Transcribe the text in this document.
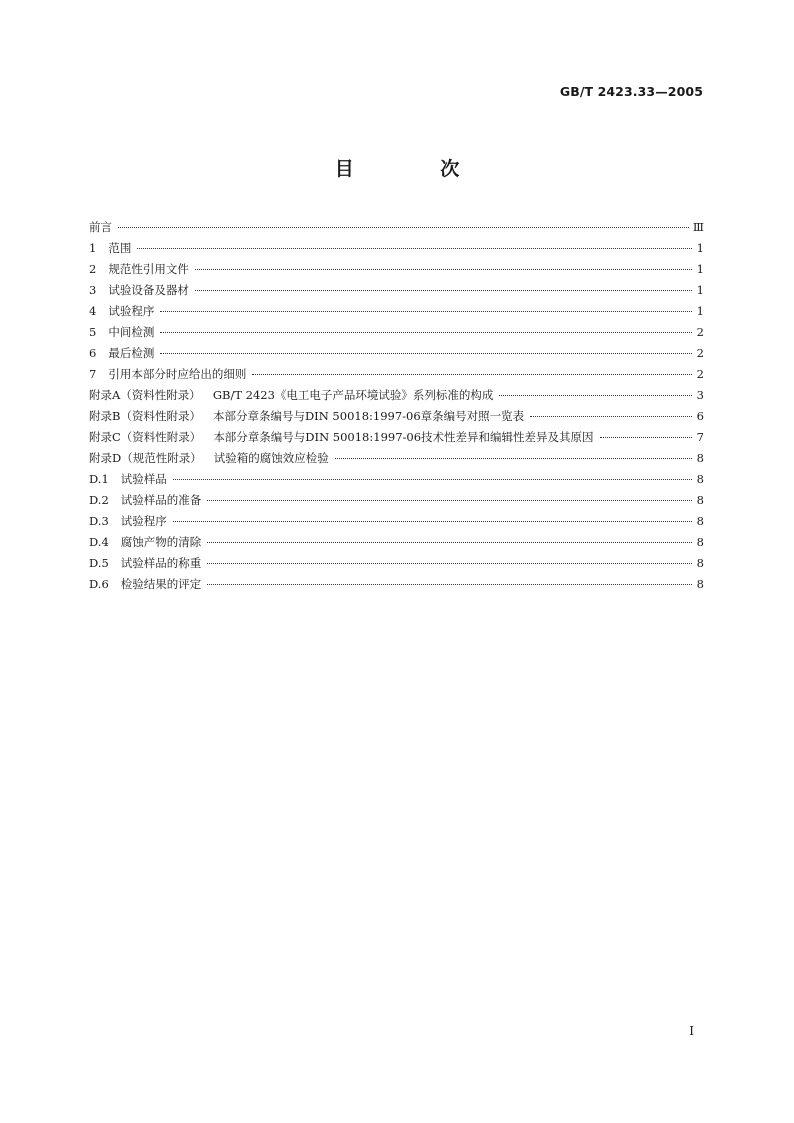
GB/T 2423.33—2005
目 次
前言	Ⅲ
1 范围	1
2 规范性引用文件	1
3 试验设备及器材	1
4 试验程序	1
5 中间检测	2
6 最后检测	2
7 引用本部分时应给出的细则	2
附录A（资料性附录） GB/T 2423《电工电子产品环境试验》系列标准的构成	3
附录B（资料性附录） 本部分章条编号与DIN 50018:1997-06章条编号对照一览表	6
附录C（资料性附录） 本部分章条编号与DIN 50018:1997-06技术性差异和编辑性差异及其原因	7
附录D（规范性附录） 试验箱的腐蚀效应检验	8
D.1 试验样品	8
D.2 试验样品的准备	8
D.3 试验程序	8
D.4 腐蚀产物的清除	8
D.5 试验样品的称重	8
D.6 检验结果的评定	8
Ⅰ
